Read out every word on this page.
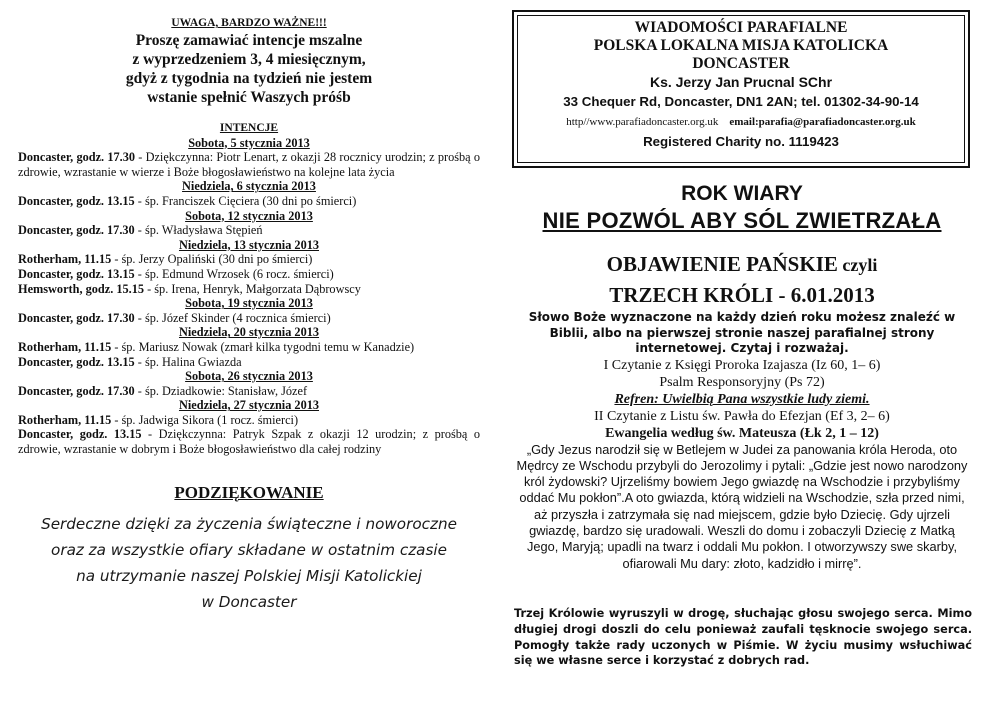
UWAGA, BARDZO WAŻNE!!!
Proszę zamawiać intencje mszalne
z wyprzedzeniem 3, 4 miesięcznym,
gdyż z tygodnia na tydzień nie jestem
wstanie spełnić Waszych próśb
INTENCJE
Sobota, 5 stycznia 2013
Doncaster, godz. 17.30 - Dziękczynna: Piotr Lenart, z okazji 28 rocznicy urodzin; z prośbą o zdrowie, wzrastanie w wierze i Boże błogosławieństwo na kolejne lata życia
Niedziela, 6 stycznia 2013
Doncaster, godz. 13.15 - śp. Franciszek Cięciera (30 dni po śmierci)
Sobota, 12 stycznia 2013
Doncaster, godz. 17.30 - śp. Władysława Stępień
Niedziela, 13 stycznia 2013
Rotherham, 11.15 - śp. Jerzy Opaliński (30 dni po śmierci)
Doncaster, godz. 13.15 - śp. Edmund Wrzosek (6 rocz. śmierci)
Hemsworth, godz. 15.15 - śp. Irena, Henryk, Małgorzata Dąbrowscy
Sobota, 19 stycznia 2013
Doncaster, godz. 17.30 - śp. Józef Skinder (4 rocznica śmierci)
Niedziela, 20 stycznia 2013
Rotherham, 11.15 - śp. Mariusz Nowak (zmarł kilka tygodni temu w Kanadzie)
Doncaster, godz. 13.15 - śp. Halina Gwiazda
Sobota, 26 stycznia 2013
Doncaster, godz. 17.30 - śp. Dziadkowie: Stanisław, Józef
Niedziela, 27 stycznia 2013
Rotherham, 11.15 - śp. Jadwiga Sikora (1 rocz. śmierci)
Doncaster, godz. 13.15 - Dziękczynna: Patryk Szpak z okazji 12 urodzin; z prośbą o zdrowie, wzrastanie w dobrym i Boże błogosławieństwo dla całej rodziny
PODZIĘKOWANIE
Serdeczne dzięki za życzenia świąteczne i noworoczne
oraz za wszystkie ofiary składane w ostatnim czasie
na utrzymanie naszej Polskiej Misji Katolickiej
w Doncaster
WIADOMOŚCI PARAFIALNE
POLSKA LOKALNA MISJA KATOLICKA
DONCASTER
Ks. Jerzy Jan Prucnal SChr
33 Chequer Rd, Doncaster, DN1 2AN; tel. 01302-34-90-14
http//www.parafiadoncaster.org.uk email:parafia@parafiadoncaster.org.uk
Registered Charity no. 1119423
ROK WIARY
NIE POZWÓL ABY SÓL ZWIETRZAŁA
OBJAWIENIE PAŃSKIE czyli
TRZECH KRÓLI - 6.01.2013
Słowo Boże wyznaczone na każdy dzień roku możesz znaleźć w Biblii, albo na pierwszej stronie naszej parafialnej strony internetowej. Czytaj i rozważaj.
I Czytanie z Księgi Proroka Izajasza (Iz 60, 1– 6)
Psalm Responsoryjny (Ps 72)
Refren: Uwielbią Pana wszystkie ludy ziemi.
II Czytanie z Listu św. Pawła do Efezjan (Ef 3, 2– 6)
Ewangelia według św. Mateusza (Łk 2, 1 – 12)
„Gdy Jezus narodził się w Betlejem w Judei za panowania króla Heroda, oto Mędrcy ze Wschodu przybyli do Jerozolimy i pytali: „Gdzie jest nowo narodzony król żydowski? Ujrzeliśmy bowiem Jego gwiazdę na Wschodzie i przybyliśmy oddać Mu pokłon”.A oto gwiazda, którą widzieli na Wschodzie, szła przed nimi, aż przyszła i zatrzymała się nad miejscem, gdzie było Dziecię. Gdy ujrzeli gwiazdę, bardzo się uradowali. Weszli do domu i zobaczyli Dziecię z Matką Jego, Maryją; upadli na twarz i oddali Mu pokłon. I otworzywszy swe skarby, ofiarowali Mu dary: złoto, kadzidło i mirrę”.
Trzej Królowie wyruszyli w drogę, słuchając głosu swojego serca. Mimo długiej drogi doszli do celu ponieważ zaufali tęsknocie swojego serca. Pomogły także rady uczonych w Piśmie. W życiu musimy wsłuchiwać się we własne serce i korzystać z dobrych rad.
